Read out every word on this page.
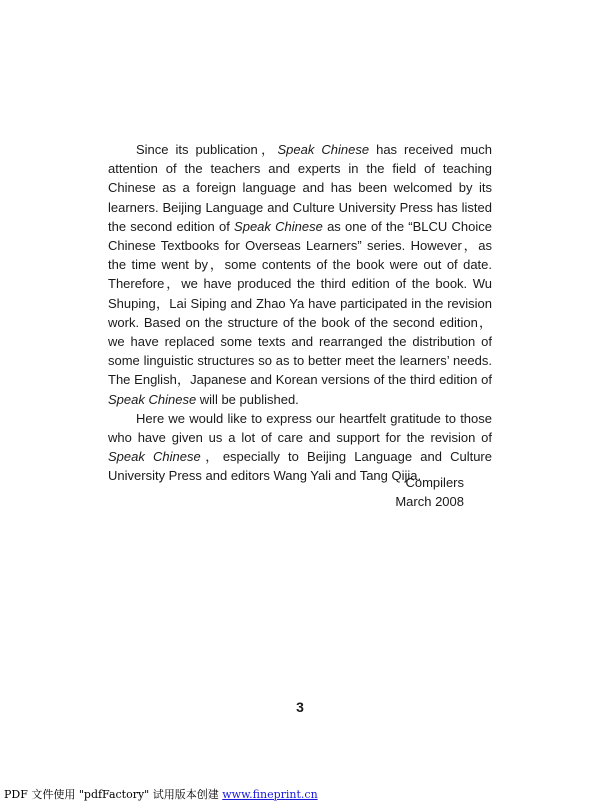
Since its publication，Speak Chinese has received much attention of the teachers and experts in the field of teaching Chinese as a foreign language and has been welcomed by its learners. Beijing Language and Culture University Press has listed the second edition of Speak Chinese as one of the “BLCU Choice Chinese Textbooks for Overseas Learners” series. However，as the time went by，some contents of the book were out of date. Therefore，we have produced the third edition of the book. Wu Shuping，Lai Siping and Zhao Ya have participated in the revision work. Based on the structure of the book of the second edition，we have replaced some texts and rearranged the distribution of some linguistic structures so as to better meet the learners’ needs. The English，Japanese and Korean versions of the third edition of Speak Chinese will be published.

Here we would like to express our heartfelt gratitude to those who have given us a lot of care and support for the revision of Speak Chinese，especially to Beijing Language and Culture University Press and editors Wang Yali and Tang Qijia.

Compilers
March 2008
3
PDF 文件使用 "pdfFactory" 试用版本创建 www.fineprint.cn
